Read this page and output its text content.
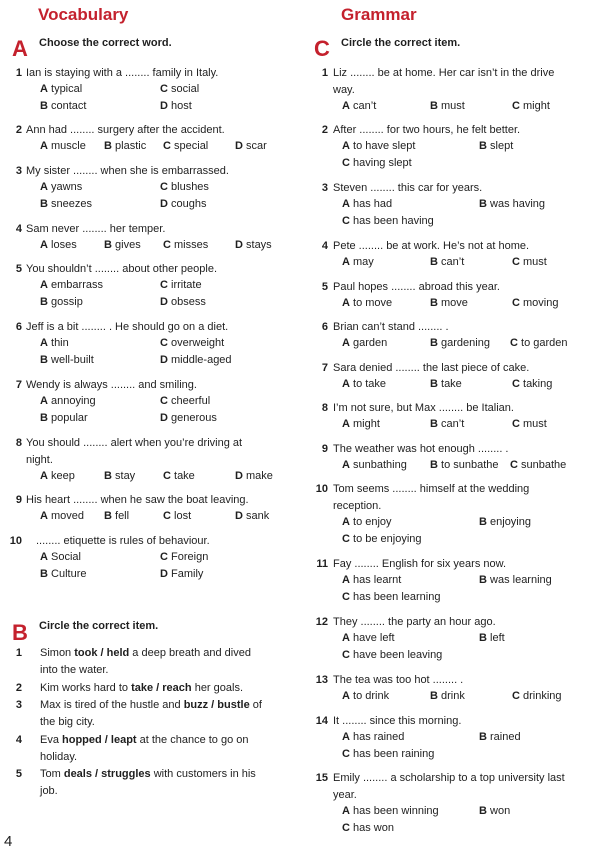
Vocabulary	Grammar
A Choose the correct word.
1 Ian is staying with a ........ family in Italy.
A typical	C social
B contact	D host
2 Ann had ........ surgery after the accident.
A muscle B plastic C special D scar
3 My sister ........ when she is embarrassed.
A yawns	C blushes
B sneezes	D coughs
4 Sam never ........ her temper.
A loses B gives C misses D stays
5 You shouldn’t ........ about other people.
A embarrass	C irritate
B gossip	D obsess
6 Jeff is a bit ........ . He should go on a diet.
A thin	C overweight
B well-built	D middle-aged
7 Wendy is always ........ and smiling.
A annoying	C cheerful
B popular	D generous
8 You should ........ alert when you’re driving at
night.
A keep	B stay	C take	D make
9 His heart ........ when he saw the boat leaving.
A moved B fell	C lost	D sank
10 ........ etiquette is rules of behaviour.
A Social	C Foreign
B Culture	D Family
B Circle the correct item.
1 Simon took / held a deep breath and dived
into the water.
2 Kim works hard to take / reach her goals.
3 Max is tired of the hustle and buzz / bustle of
the big city.
4 Eva hopped / leapt at the chance to go on
holiday.
5 Tom deals / struggles with customers in his
job.
C Circle the correct item.
1 Liz ........ be at home. Her car isn’t in the drive
way.
A can’t	B must	C might
2 After ........ for two hours, he felt better.
A to have slept	B slept
C having slept
3 Steven ........ this car for years.
A has had	B was having
C has been having
4 Pete ........ be at work. He’s not at home.
A may	B can’t	C must
5 Paul hopes ........ abroad this year.
A to move	B move	C moving
6 Brian can’t stand ........ .
A garden	B gardening C to garden
7 Sara denied ........ the last piece of cake.
A to take	B take	C taking
8 I’m not sure, but Max ........ be Italian.
A might	B can’t	C must
9 The weather was hot enough ........ .
A sunbathing B to sunbathe C sunbathe
10 Tom seems ........ himself at the wedding
reception.
A to enjoy	B enjoying
C to be enjoying
11 Fay ........ English for six years now.
A has learnt	B was learning
C has been learning
12 They ........ the party an hour ago.
A have left	B left
C have been leaving
13 The tea was too hot ........ .
A to drink	B drink	C drinking
14 It ........ since this morning.
A has rained	B rained
C has been raining
15 Emily ........ a scholarship to a top university last
year.
A has been winning	B won
C has won
4
